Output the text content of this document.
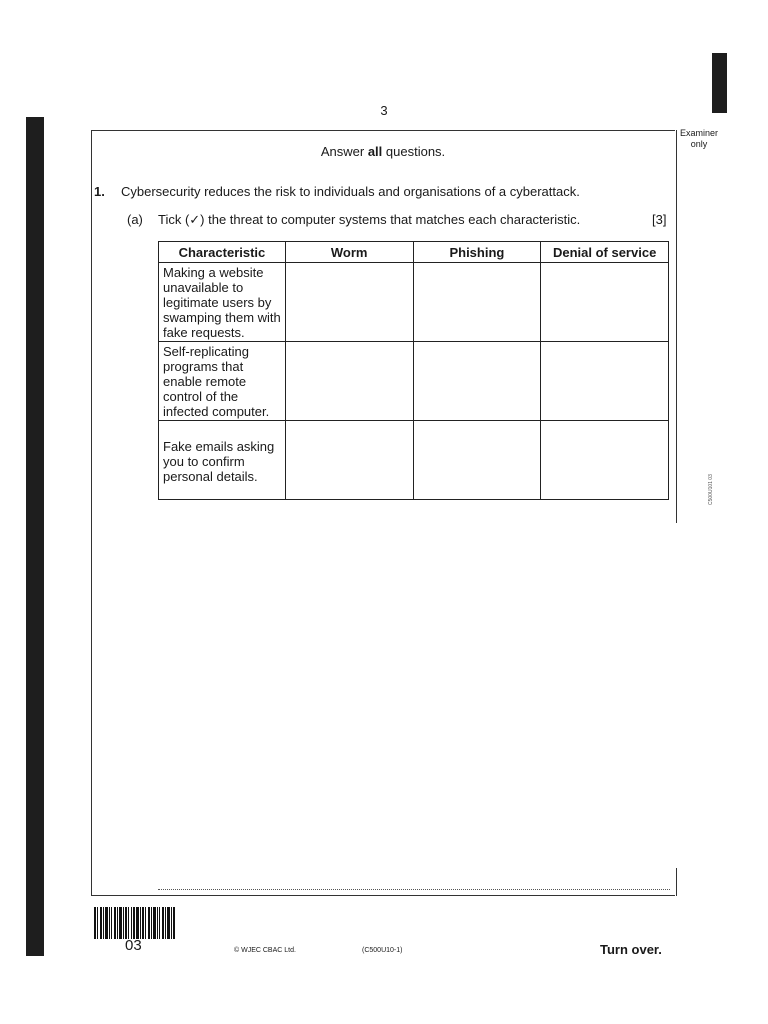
3
Examiner only
C500U101 03
Answer all questions.
1. Cybersecurity reduces the risk to individuals and organisations of a cyberattack.
(a) Tick (✓) the threat to computer systems that matches each characteristic.	[3]
Characteristic	Worm	Phishing	Denial of service
Making a website unavailable to legitimate users by swamping them with fake requests.			
Self-replicating programs that enable remote control of the infected computer.			
Fake emails asking you to confirm personal details.			
03	© WJEC CBAC Ltd.	(C500U10-1)	Turn over.
